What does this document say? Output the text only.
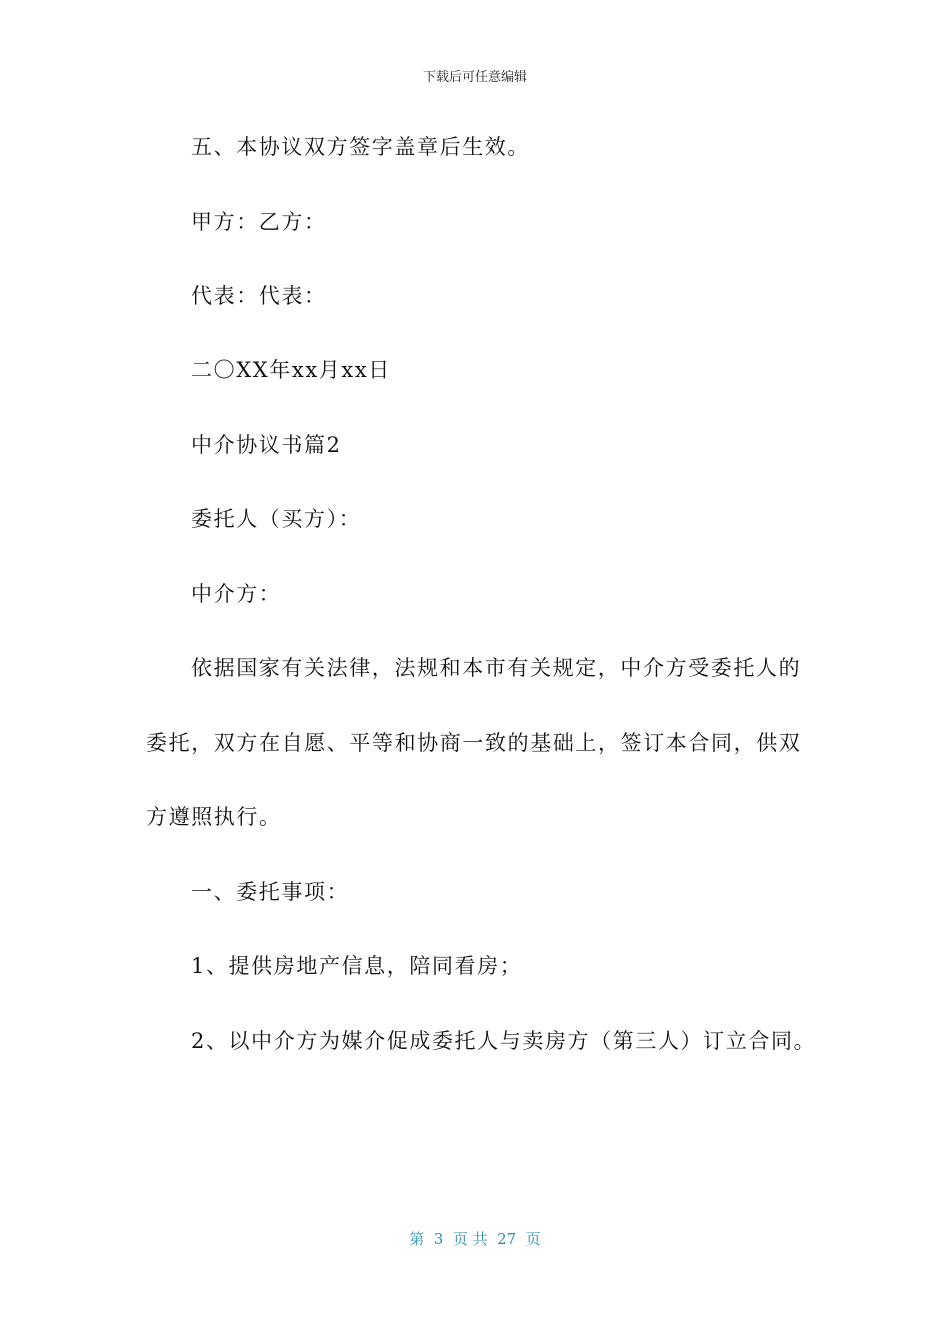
下载后可任意编辑
五、本协议双方签字盖章后生效。
甲方：乙方：
代表：代表：
二〇XX年xx月xx日
中介协议书篇2
委托人（买方）：
中介方：
依据国家有关法律，法规和本市有关规定，中介方受委托人的
委托，双方在自愿、平等和协商一致的基础上，签订本合同，供双
方遵照执行。
一、委托事项：
1、提供房地产信息，陪同看房；
2、以中介方为媒介促成委托人与卖房方（第三人）订立合同。
第  3  页 共  27  页
